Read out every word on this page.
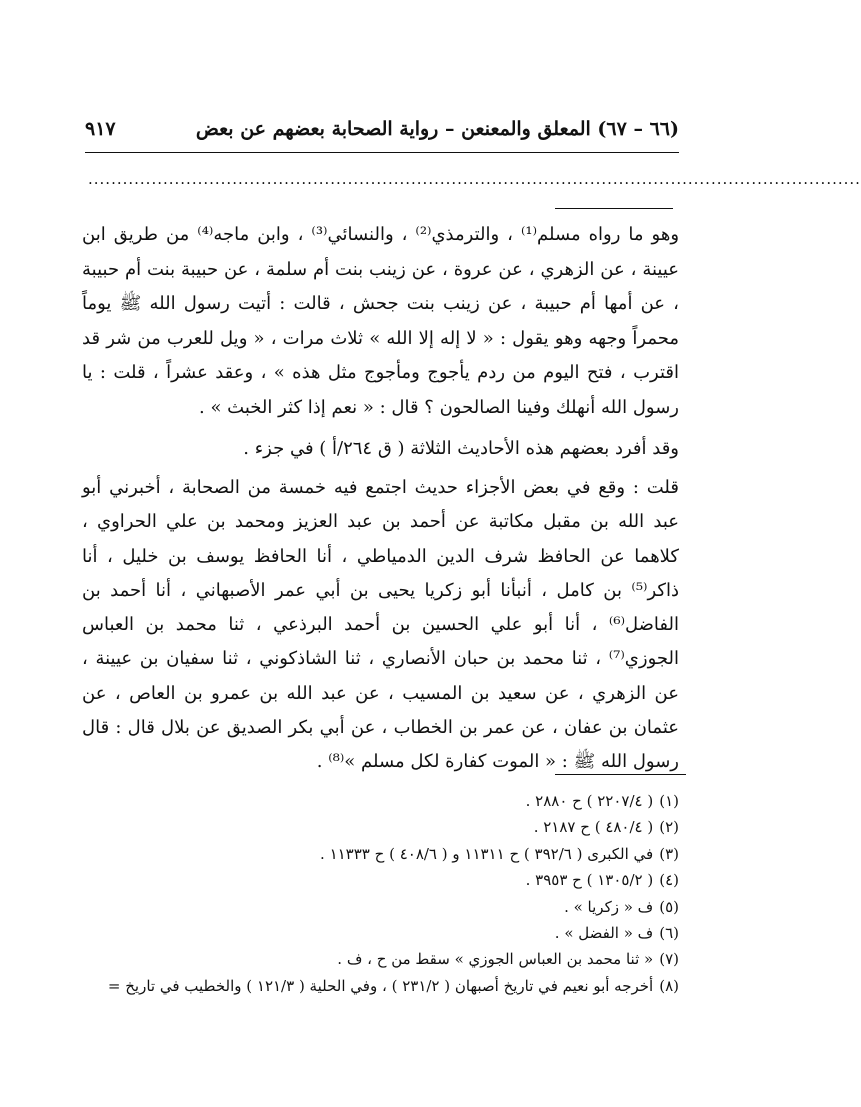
(٦٦ – ٦٧) المعلق والمعنعن – رواية الصحابة بعضهم عن بعض
٩١٧
......................................................................................................................................

وهو ما رواه مسلم⁽¹⁾ ، والترمذي⁽²⁾ ، والنسائي⁽³⁾ ، وابن ماجه⁽⁴⁾ من طريق ابن عيينة ، عن الزهري ، عن عروة ، عن زينب بنت أم سلمة ، عن حبيبة بنت أم حبيبة ، عن أمها أم حبيبة ، عن زينب بنت جحش ، قالت : أتيت رسول الله ﷺ يوماً محمراً وجهه وهو يقول : « لا إله إلا الله » ثلاث مرات ، « ويل للعرب من شر قد اقترب ، فتح اليوم من ردم يأجوج ومأجوج مثل هذه » ، وعقد عشراً ، قلت : يا رسول الله أنهلك وفينا الصالحون ؟ قال : « نعم إذا كثر الخبث » .

وقد أفرد بعضهم هذه الأحاديث الثلاثة ( ق ٢٦٤/أ ) في جزء .

قلت : وقع في بعض الأجزاء حديث اجتمع فيه خمسة من الصحابة ، أخبرني أبو عبد الله بن مقبل مكاتبة عن أحمد بن عبد العزيز ومحمد بن علي الحراوي ، كلاهما عن الحافظ شرف الدين الدمياطي ، أنا الحافظ يوسف بن خليل ، أنا ذاكر⁽⁵⁾ بن كامل ، أنبأنا أبو زكريا يحيى بن أبي عمر الأصبهاني ، أنا أحمد بن الفاضل⁽⁶⁾ ، أنا أبو علي الحسين بن أحمد البرذعي ، ثنا محمد بن العباس الجوزي⁽⁷⁾ ، ثنا محمد بن حبان الأنصاري ، ثنا الشاذكوني ، ثنا سفيان بن عيينة ، عن الزهري ، عن سعيد بن المسيب ، عن عبد الله بن عمرو بن العاص ، عن عثمان بن عفان ، عن عمر بن الخطاب ، عن أبي بكر الصديق عن بلال قال : قال رسول الله ﷺ : « الموت كفارة لكل مسلم »⁽⁸⁾ .

(١)( ٢٢٠٧/٤ ) ح ٢٨٨٠ .
(٢)( ٤٨٠/٤ ) ح ٢١٨٧ .
(٣)في الكبرى ( ٣٩٢/٦ ) ح ١١٣١١ و ( ٤٠٨/٦ ) ح ١١٣٣٣ .
(٤)( ١٣٠٥/٢ ) ح ٣٩٥٣ .
(٥)ف « زكريا » .
(٦)ف « الفضل » .
(٧)« ثنا محمد بن العباس الجوزي » سقط من ح ، ف .
(٨)أخرجه أبو نعيم في تاريخ أصبهان ( ٢٣١/٢ ) ، وفي الحلية ( ١٢١/٣ ) والخطيب في تاريخ =
